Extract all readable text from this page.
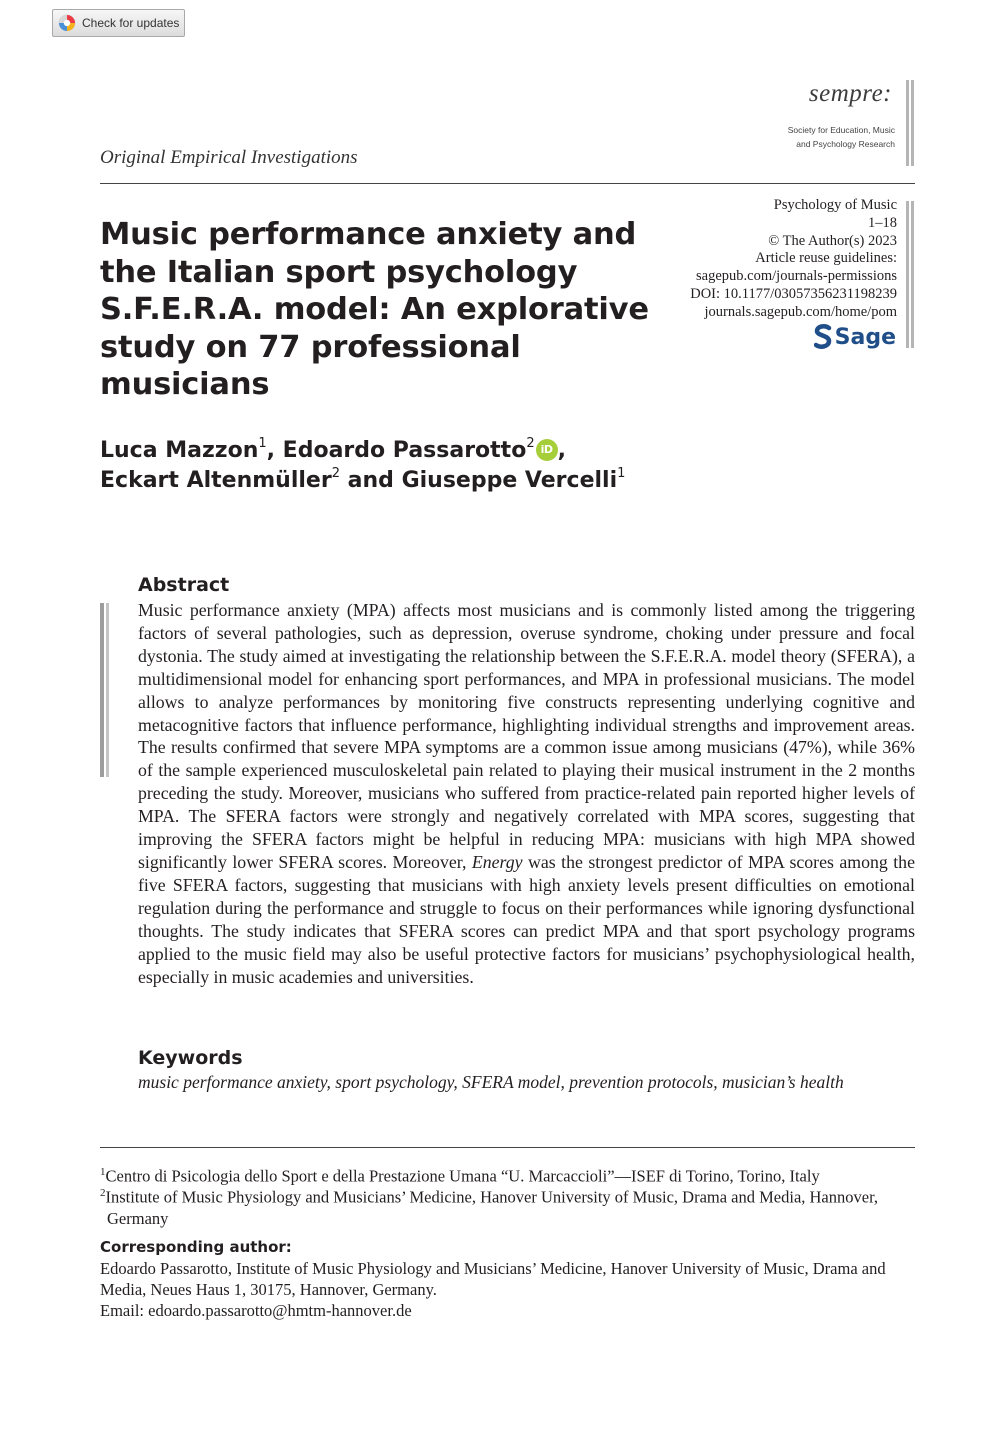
Check for updates
sempre:
Society for Education, Music
and Psychology Research
Original Empirical Investigations
Music performance anxiety and
the Italian sport psychology
S.F.E.R.A. model: An explorative
study on 77 professional musicians
Psychology of Music
1–18
© The Author(s) 2023
Article reuse guidelines:
sagepub.com/journals-permissions
DOI: 10.1177/03057356231198239
journals.sagepub.com/home/pom
Sage
Luca Mazzon$^1$, Edoardo Passarotto$^2$ iD ,
Eckart Altenmüller$^2$ and Giuseppe Vercelli$^1$
Abstract
Music performance anxiety (MPA) affects most musicians and is commonly listed among the triggering factors of several pathologies, such as depression, overuse syndrome, choking under pressure and focal dystonia. The study aimed at investigating the relationship between the S.F.E.R.A. model theory (SFERA), a multidimensional model for enhancing sport performances, and MPA in professional musicians. The model allows to analyze performances by monitoring five constructs representing underlying cognitive and metacognitive factors that influence performance, highlighting individual strengths and improvement areas. The results confirmed that severe MPA symptoms are a common issue among musicians (47%), while 36% of the sample experienced musculoskeletal pain related to playing their musical instrument in the 2 months preceding the study. Moreover, musicians who suffered from practice-related pain reported higher levels of MPA. The SFERA factors were strongly and negatively correlated with MPA scores, suggesting that improving the SFERA factors might be helpful in reducing MPA: musicians with high MPA showed significantly lower SFERA scores. Moreover, Energy was the strongest predictor of MPA scores among the five SFERA factors, suggesting that musicians with high anxiety levels present difficulties on emotional regulation during the performance and struggle to focus on their performances while ignoring dysfunctional thoughts. The study indicates that SFERA scores can predict MPA and that sport psychology programs applied to the music field may also be useful protective factors for musicians’ psychophysiological health, especially in music academies and universities.
Keywords
music performance anxiety, sport psychology, SFERA model, prevention protocols, musician’s health
$^1$Centro di Psicologia dello Sport e della Prestazione Umana “U. Marcaccioli”—ISEF di Torino, Torino, Italy
$^2$Institute of Music Physiology and Musicians’ Medicine, Hanover University of Music, Drama and Media, Hannover, Germany
Corresponding author:
Edoardo Passarotto, Institute of Music Physiology and Musicians’ Medicine, Hanover University of Music, Drama and Media, Neues Haus 1, 30175, Hannover, Germany.
Email: edoardo.passarotto@hmtm-hannover.de
